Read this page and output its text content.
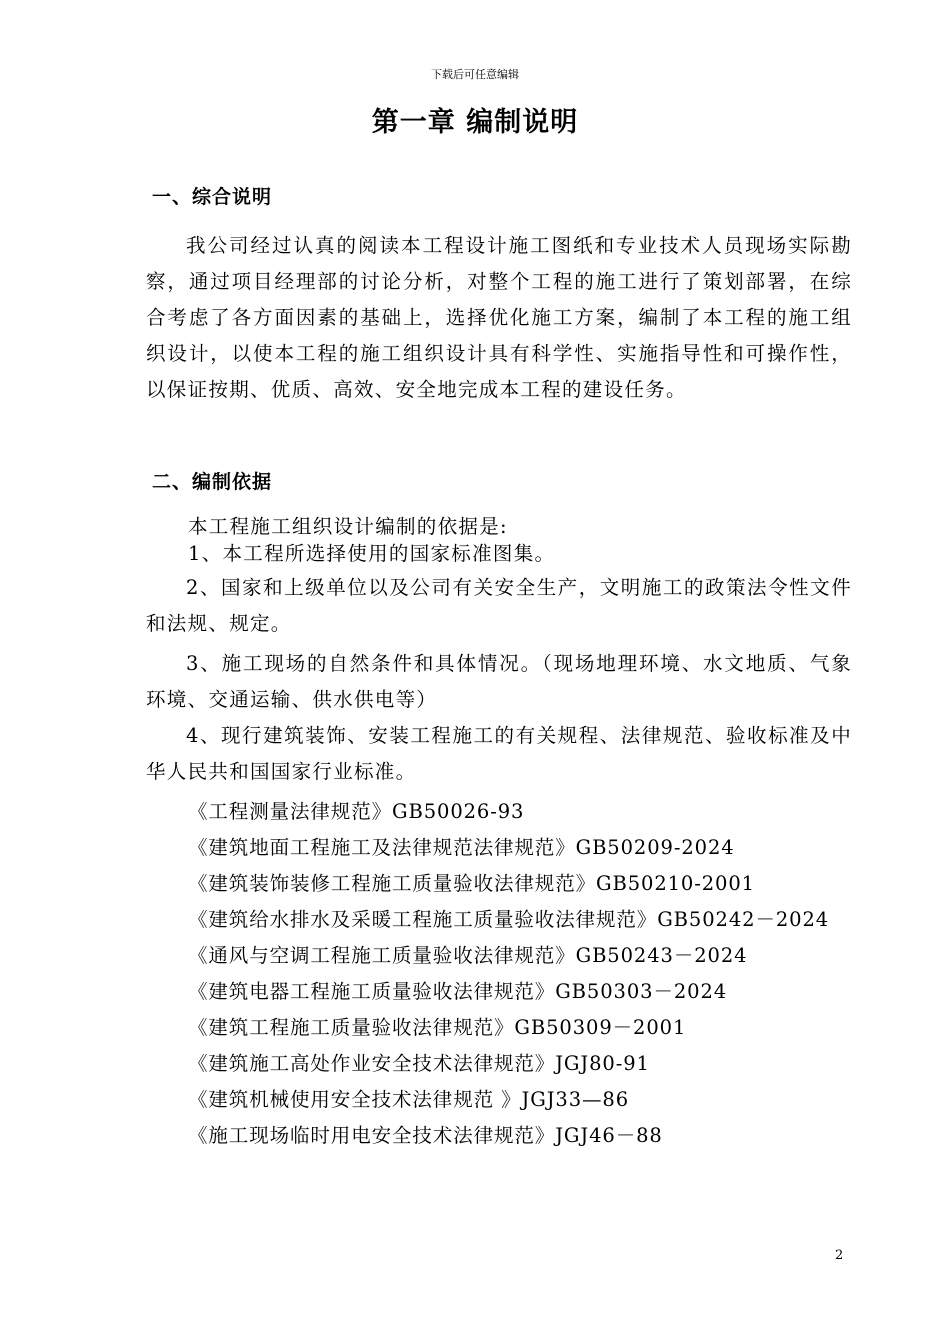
下载后可任意编辑
第一章 编制说明
一、综合说明

我公司经过认真的阅读本工程设计施工图纸和专业技术人员现场实际勘察，通过项目经理部的讨论分析，对整个工程的施工进行了策划部署，在综合考虑了各方面因素的基础上，选择优化施工方案，编制了本工程的施工组织设计，以使本工程的施工组织设计具有科学性、实施指导性和可操作性，以保证按期、优质、高效、安全地完成本工程的建设任务。

二、编制依据
本工程施工组织设计编制的依据是:
1、本工程所选择使用的国家标准图集。

2、国家和上级单位以及公司有关安全生产，文明施工的政策法令性文件和法规、规定。

3、施工现场的自然条件和具体情况。（现场地理环境、水文地质、气象环境、交通运输、供水供电等）

4、现行建筑装饰、安装工程施工的有关规程、法律规范、验收标准及中华人民共和国国家行业标准。

《工程测量法律规范》GB50026-93
《建筑地面工程施工及法律规范法律规范》GB50209-2024
《建筑装饰装修工程施工质量验收法律规范》GB50210-2001
《建筑给水排水及采暖工程施工质量验收法律规范》GB50242－2024
《通风与空调工程施工质量验收法律规范》GB50243－2024
《建筑电器工程施工质量验收法律规范》GB50303－2024
《建筑工程施工质量验收法律规范》GB50309－2001
《建筑施工高处作业安全技术法律规范》JGJ80-91
《建筑机械使用安全技术法律规范 》JGJ33—86
《施工现场临时用电安全技术法律规范》JGJ46－88
2
